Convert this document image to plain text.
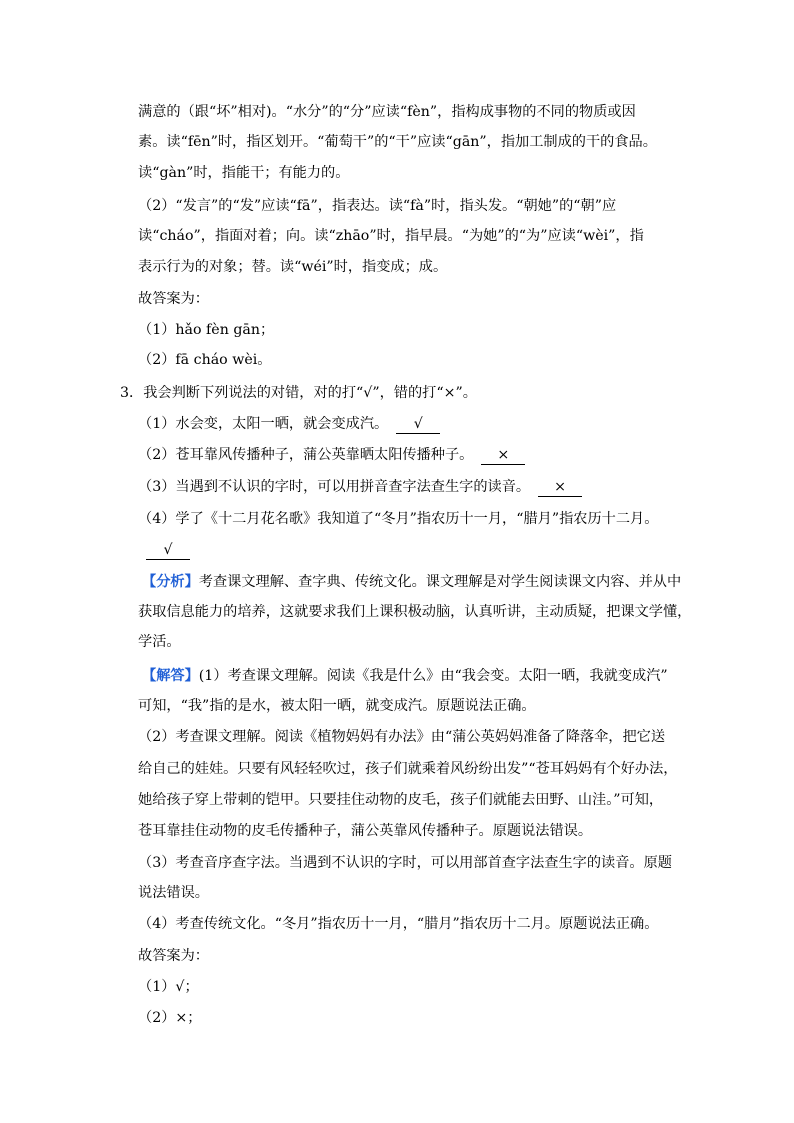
满意的（跟“坏”相对)。“水分”的“分”应读“fèn”，指构成事物的不同的物质或因
素。读“fēn”时，指区划开。“葡萄干”的“干”应读“gān”，指加工制成的干的食品。
读“gàn”时，指能干；有能力的。
（2）“发言”的“发”应读“fā”，指表达。读“fà”时，指头发。“朝她”的“朝”应
读“cháo”，指面对着；向。读“zhāo”时，指早晨。“为她”的“为”应读“wèi”，指
表示行为的对象；替。读“wéi”时，指变成；成。
故答案为：
（1）hǎo fèn gān；
（2）fā cháo wèi。
3．我会判断下列说法的对错，对的打“√”，错的打“×”。
（1）水会变，太阳一晒，就会变成汽。 √
（2）苍耳靠风传播种子，蒲公英靠晒太阳传播种子。 ×
（3）当遇到不认识的字时，可以用拼音查字法查生字的读音。 ×
（4）学了《十二月花名歌》我知道了“冬月”指农历十一月，“腊月”指农历十二月。
√
【分析】考查课文理解、查字典、传统文化。课文理解是对学生阅读课文内容、并从中
获取信息能力的培养，这就要求我们上课积极动脑，认真听讲，主动质疑，把课文学懂，
学活。
【解答】(1）考查课文理解。阅读《我是什么》由“我会变。太阳一晒，我就变成汽”
可知，“我”指的是水，被太阳一晒，就变成汽。原题说法正确。
（2）考查课文理解。阅读《植物妈妈有办法》由“蒲公英妈妈准备了降落伞，把它送
给自己的娃娃。只要有风轻轻吹过，孩子们就乘着风纷纷出发”“苍耳妈妈有个好办法，
她给孩子穿上带刺的铠甲。只要挂住动物的皮毛，孩子们就能去田野、山洼。”可知，
苍耳靠挂住动物的皮毛传播种子，蒲公英靠风传播种子。原题说法错误。
（3）考查音序查字法。当遇到不认识的字时，可以用部首查字法查生字的读音。原题
说法错误。
（4）考查传统文化。“冬月”指农历十一月，“腊月”指农历十二月。原题说法正确。
故答案为：
（1）√；
（2）×；
